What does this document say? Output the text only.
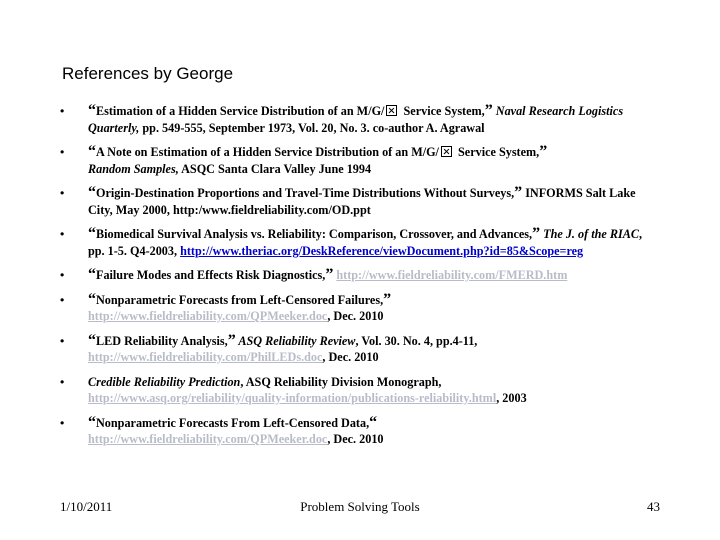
References by George
• “Estimation of a Hidden Service Distribution of an M/G/ Service System,” Naval Research Logistics Quarterly, pp. 549-555, September 1973, Vol. 20, No. 3. co-author A. Agrawal
• “A Note on Estimation of a Hidden Service Distribution of an M/G/ Service System,”
Random Samples, ASQC Santa Clara Valley June 1994
• “Origin-Destination Proportions and Travel-Time Distributions Without Surveys,” INFORMS Salt Lake City, May 2000, http:/www.fieldreliability.com/OD.ppt
• “Biomedical Survival Analysis vs. Reliability: Comparison, Crossover, and Advances,” The J. of the RIAC, pp. 1-5. Q4-2003, http://www.theriac.org/DeskReference/viewDocument.php?id=85&Scope=reg
• “Failure Modes and Effects Risk Diagnostics,” http://www.fieldreliability.com/FMERD.htm
• “Nonparametric Forecasts from Left-Censored Failures,”
http://www.fieldreliability.com/QPMeeker.doc, Dec. 2010
• “LED Reliability Analysis,” ASQ Reliability Review, Vol. 30. No. 4, pp.4-11,
http://www.fieldreliability.com/PhilLEDs.doc, Dec. 2010
• Credible Reliability Prediction, ASQ Reliability Division Monograph,
http://www.asq.org/reliability/quality-information/publications-reliability.html, 2003
• “Nonparametric Forecasts From Left-Censored Data,“
http://www.fieldreliability.com/QPMeeker.doc, Dec. 2010
1/10/2011	Problem Solving Tools	43
